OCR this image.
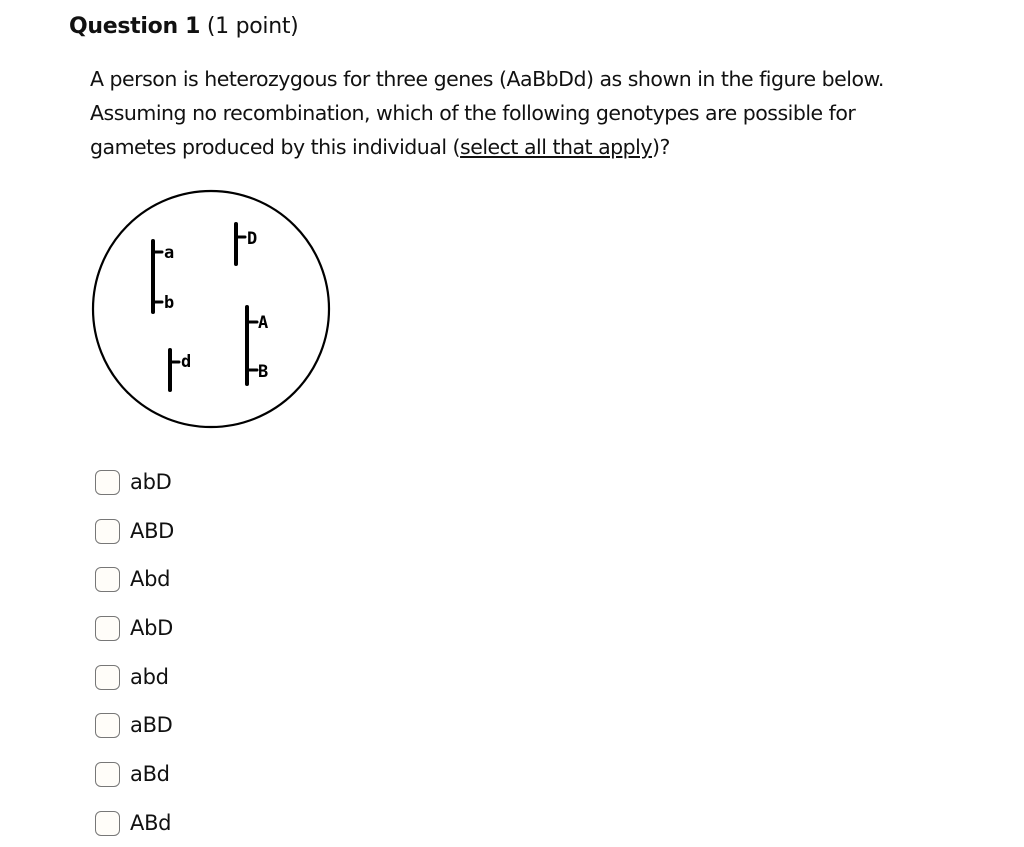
Question 1 (1 point)
A person is heterozygous for three genes (AaBbDd) as shown in the figure below.
Assuming no recombination, which of the following genotypes are possible for
gametes produced by this individual (select all that apply)?
a
b
D
A
B
d
abD
ABD
Abd
AbD
abd
aBD
aBd
ABd
